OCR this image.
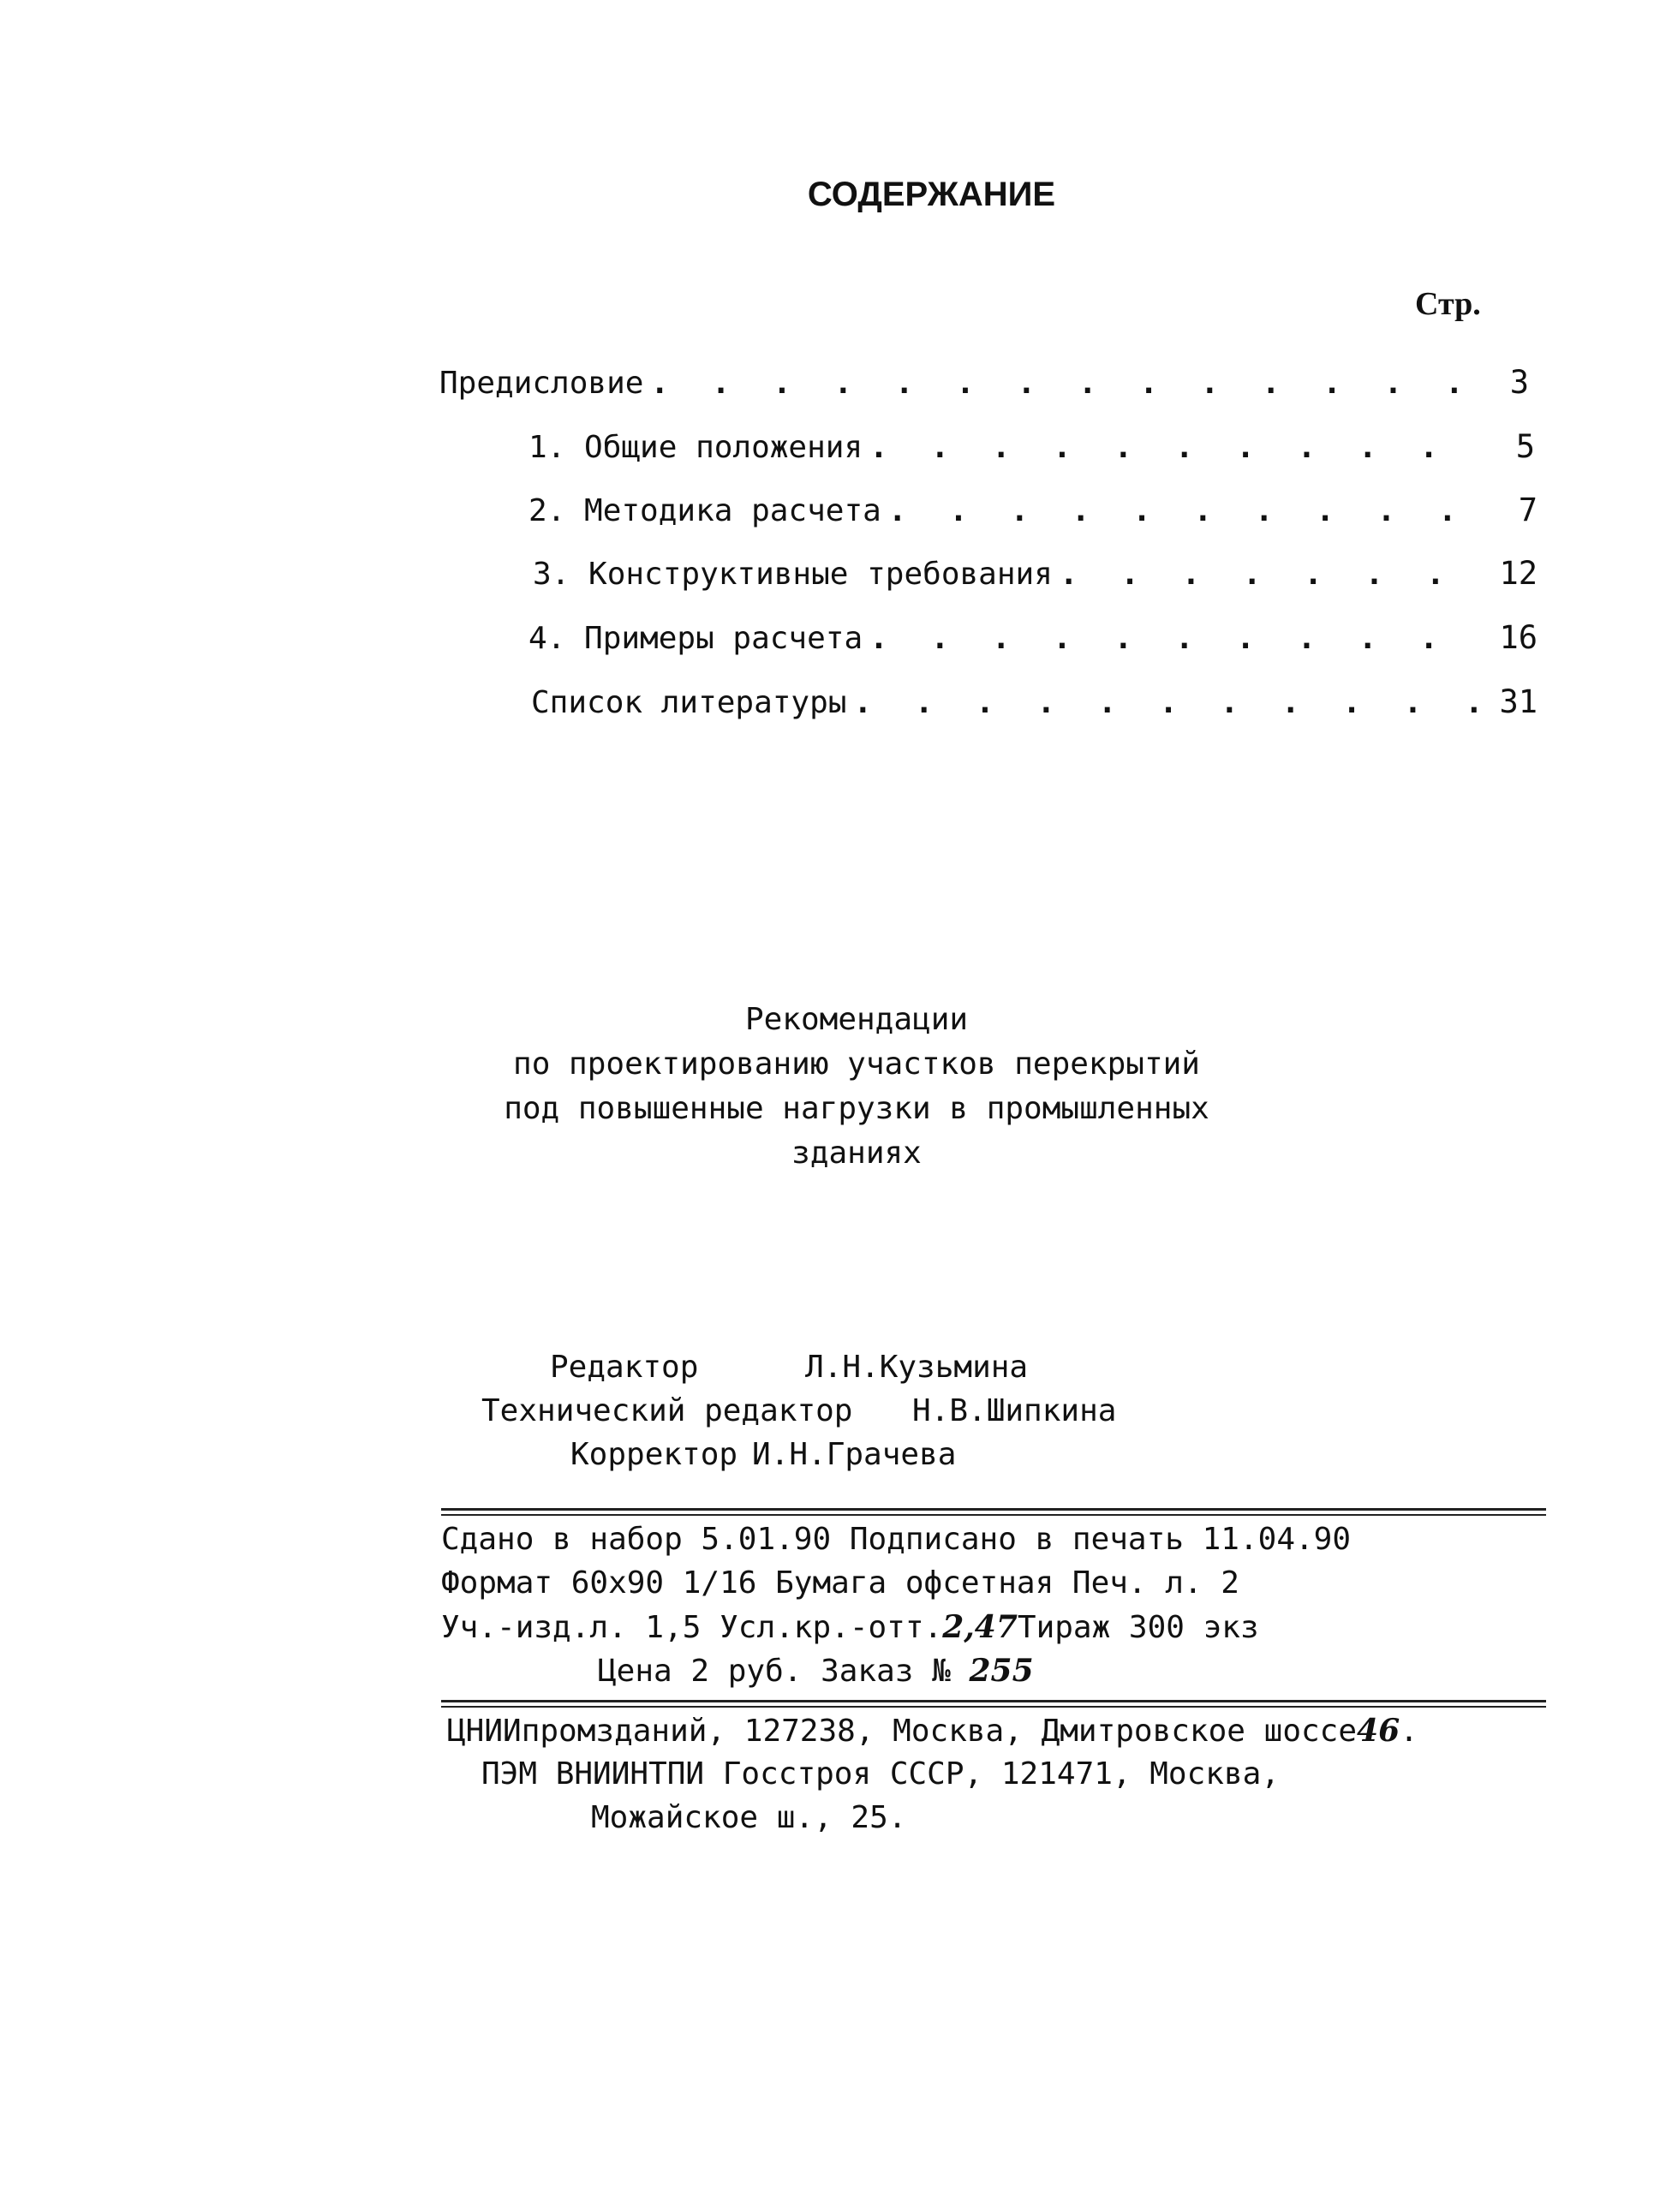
СОДЕРЖАНИЕ
Стр.
Предисловие . . .	3
1. Общие положения . . .	5
2. Методика расчета . . .	7
3. Конструктивные требования . . .	12
4. Примеры расчета . . .	16
Список литературы . . .	31
Рекомендации
по проектированию участков перекрытий
под повышенные нагрузки в промышленных
зданиях
Редактор	Л.Н.Кузьмина
Технический редактор Н.В.Шипкина
Корректор И.Н.Грачева
Сдано в набор 5.01.90 Подписано в печать 11.04.90
Формат 60х90 1/16 Бумага офсетная Печ. л. 2
Уч.-изд.л. 1,5 Усл.кр.-отт.2,47Тираж 300 экз
Цена 2 руб. Заказ № 255
ЦНИИпромзданий, 127238, Москва, Дмитровское шоссе46.
ПЭМ ВНИИНТПИ Госстроя СССР, 121471, Москва,
Можайское ш., 25.
